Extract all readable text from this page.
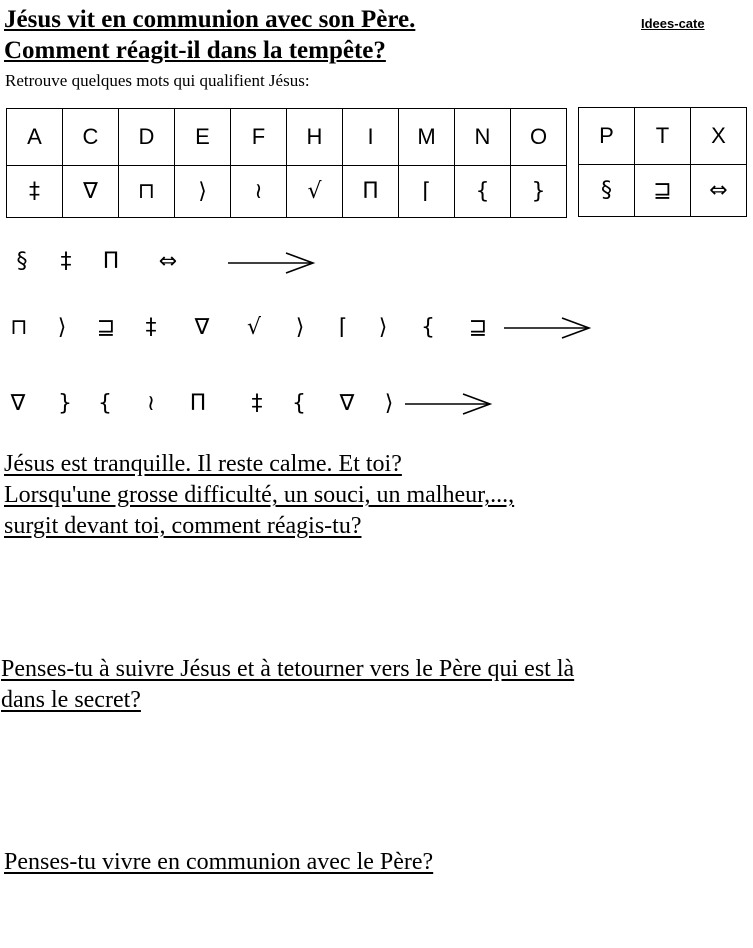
Jésus vit en communion avec son Père.
Comment réagit-il dans la tempête?
Idees-cate
Retrouve quelques mots qui qualifient Jésus:
A	C	D	E	F	H	I	M	N	O
‡	∇	⊓	⟩	≀	√	Π	⌈	{	}
P	T	X
§	⊒	⇔
§ ‡ Π ⇔
⊓	⟩	⊒ ‡ ∇ √	⟩	⌈	⟩	{ ⊒
∇ } {	≀	Π ‡ { ∇	⟩
Jésus est tranquille. Il reste calme. Et toi?
Lorsqu'une grosse difficulté, un souci, un malheur,...,
surgit devant toi, comment réagis-tu?
Penses-tu à suivre Jésus et à tetourner vers le Père qui est là
dans le secret?
Penses-tu vivre en communion avec le Père?
